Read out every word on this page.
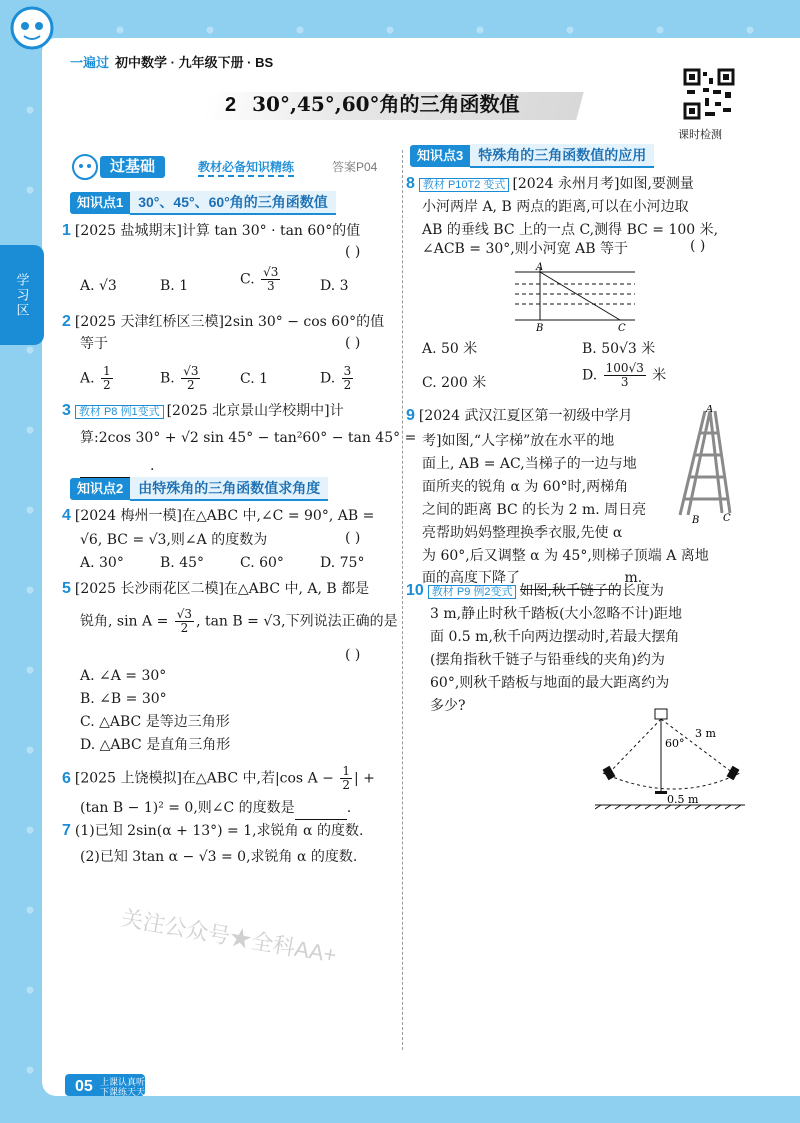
一遍过 初中数学 · 九年级下册 · BS
2 30°,45°,60°角的三角函数值
课时检测
学习区
过基础	教材必备知识精练	答案P04
知识点1	30°、45°、60°角的三角函数值
1 [2025 盐城期末]计算 tan 30° · tan 60°的值
( )
A. √3	B. 1	C. $\frac{√3}{3}$	D. 3
2 [2025 天津红桥区三模]2sin 30° − cos 60°的值
等于	( )
A. $\frac{1}{2}$	B. $\frac{√3}{2}$	C. 1	D. $\frac{3}{2}$
3 教材 P8 例1变式 [2025 北京景山学校期中]计
算:2cos 30° + √2 sin 45° − tan²60° − tan 45° =
.
知识点2	由特殊角的三角函数值求角度
4 [2024 梅州一模]在△ABC 中,∠C = 90°, AB =
√6, BC = √3,则∠A 的度数为	( )
A. 30°	B. 45°	C. 60°	D. 75°
5 [2025 长沙雨花区二模]在△ABC 中, A, B 都是
锐角, $\sin A = \frac{√3}{2}$ , tan B = √3,下列说法正确的是
( )
A. ∠A = 30°
B. ∠B = 30°
C. △ABC 是等边三角形
D. △ABC 是直角三角形
6 [2025 上饶模拟]在△ABC 中,若|cos $A - \frac{1}{2}$ | +
(tan B − 1)² = 0,则∠C 的度数是	.
7 (1)已知 2sin(α + 13°) = 1,求锐角 α 的度数.
(2)已知 3tan α − √3 = 0,求锐角 α 的度数.
关注公众号★全科AA+
知识点3	特殊角的三角函数值的应用
8 教材 P10T2 变式 [2024 永州月考]如图,要测量
小河两岸 A, B 两点的距离,可以在小河边取
AB 的垂线 BC 上的一点 C,测得 BC = 100 米,
∠ACB = 30°,则小河宽 AB 等于	( )
A
B	C
A. 50 米	B. 50√3 米
C. 200 米	D. $\frac{100√3}{3}$ 米
9 [2024 武汉江夏区第一初级中学月
考]如图,“人字梯”放在水平的地
面上, AB = AC,当梯子的一边与地
面所夹的锐角 α 为 60°时,两梯角
之间的距离 BC 的长为 2 m. 周日亮
亮帮助妈妈整理换季衣服,先使 α
为 60°,后又调整 α 为 45°,则梯子顶端 A 离地
面的高度下降了	m.
A
B C
10 教材 P9 例2变式 如图,秋千链子的长度为
3 m,静止时秋千踏板(大小忽略不计)距地
面 0.5 m,秋千向两边摆动时,若最大摆角
(摆角指秋千链子与铅垂线的夹角)约为
60°,则秋千踏板与地面的最大距离约为
多少?
3 m
60°
0.5 m
05 上课认真听
下课练天天
